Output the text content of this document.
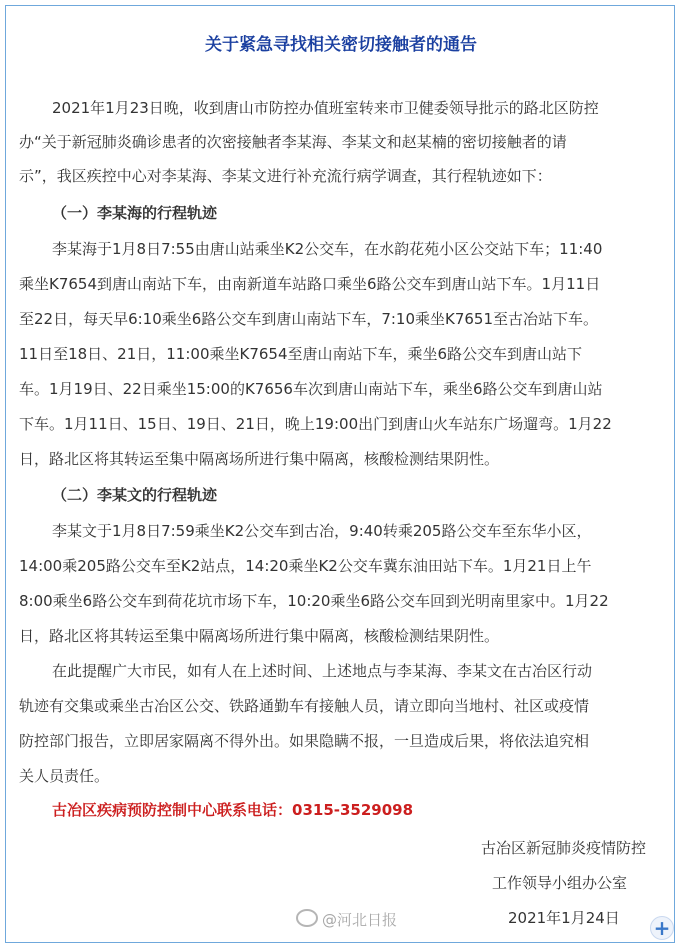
关于紧急寻找相关密切接触者的通告
2021年1月23日晚，收到唐山市防控办值班室转来市卫健委领导批示的路北区防控
办“关于新冠肺炎确诊患者的次密接触者李某海、李某文和赵某楠的密切接触者的请
示”，我区疾控中心对李某海、李某文进行补充流行病学调查，其行程轨迹如下：
（一）李某海的行程轨迹
李某海于1月8日7:55由唐山站乘坐K2公交车，在水韵花苑小区公交站下车；11:40
乘坐K7654到唐山南站下车，由南新道车站路口乘坐6路公交车到唐山站下车。1月11日
至22日，每天早6:10乘坐6路公交车到唐山南站下车，7:10乘坐K7651至古冶站下车。
11日至18日、21日，11:00乘坐K7654至唐山南站下车，乘坐6路公交车到唐山站下
车。1月19日、22日乘坐15:00的K7656车次到唐山南站下车，乘坐6路公交车到唐山站
下车。1月11日、15日、19日、21日，晚上19:00出门到唐山火车站东广场遛弯。1月22
日，路北区将其转运至集中隔离场所进行集中隔离，核酸检测结果阴性。
（二）李某文的行程轨迹
李某文于1月8日7:59乘坐K2公交车到古冶，9:40转乘205路公交车至东华小区，
14:00乘205路公交车至K2站点，14:20乘坐K2公交车冀东油田站下车。1月21日上午
8:00乘坐6路公交车到荷花坑市场下车，10:20乘坐6路公交车回到光明南里家中。1月22
日，路北区将其转运至集中隔离场所进行集中隔离，核酸检测结果阴性。
在此提醒广大市民，如有人在上述时间、上述地点与李某海、李某文在古冶区行动
轨迹有交集或乘坐古冶区公交、铁路通勤车有接触人员，请立即向当地村、社区或疫情
防控部门报告，立即居家隔离不得外出。如果隐瞒不报，一旦造成后果，将依法追究相
关人员责任。
古冶区疾病预防控制中心联系电话：0315-3529098
古冶区新冠肺炎疫情防控
工作领导小组办公室
2021年1月24日
@河北日报	+
